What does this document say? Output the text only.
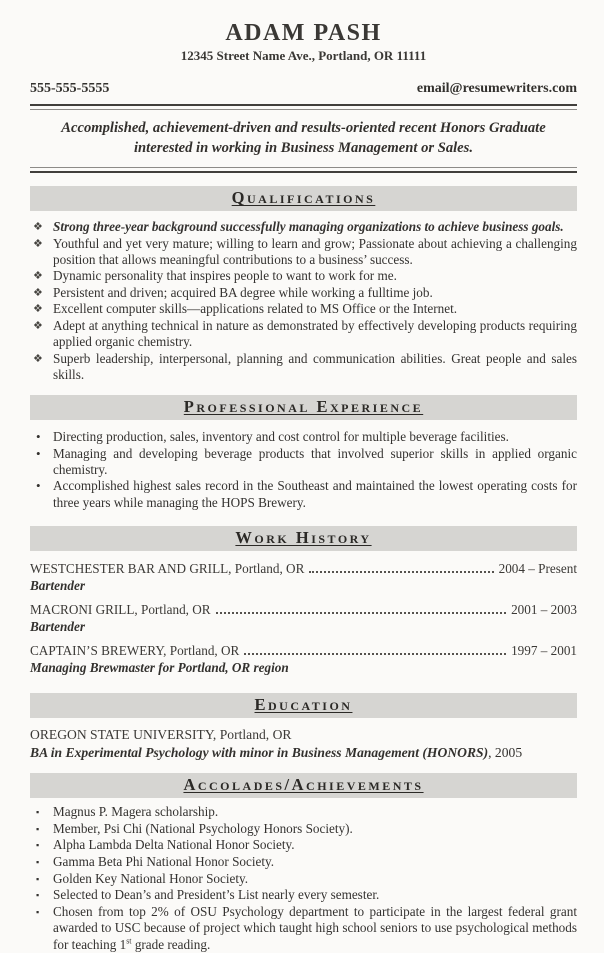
ADAM PASH
12345 Street Name Ave., Portland, OR 11111
555-555-5555	email@resumewriters.com
Accomplished, achievement-driven and results-oriented recent Honors Graduate interested in working in Business Management or Sales.
Qualifications
❖ Strong three-year background successfully managing organizations to achieve business goals.
❖ Youthful and yet very mature; willing to learn and grow; Passionate about achieving a challenging position that allows meaningful contributions to a business’ success.
❖ Dynamic personality that inspires people to want to work for me.
❖ Persistent and driven; acquired BA degree while working a fulltime job.
❖ Excellent computer skills—applications related to MS Office or the Internet.
❖ Adept at anything technical in nature as demonstrated by effectively developing products requiring applied organic chemistry.
❖ Superb leadership, interpersonal, planning and communication abilities. Great people and sales skills.
Professional Experience
• Directing production, sales, inventory and cost control for multiple beverage facilities.
• Managing and developing beverage products that involved superior skills in applied organic chemistry.
• Accomplished highest sales record in the Southeast and maintained the lowest operating costs for three years while managing the HOPS Brewery.
Work History
WESTCHESTER BAR AND GRILL, Portland, OR	2004 – Present
Bartender
MACRONI GRILL, Portland, OR	2001 – 2003
Bartender
CAPTAIN’S BREWERY, Portland, OR	1997 – 2001
Managing Brewmaster for Portland, OR region
Education
OREGON STATE UNIVERSITY, Portland, OR
BA in Experimental Psychology with minor in Business Management (HONORS), 2005
Accolades/Achievements
▪	Magnus P. Magera scholarship.
▪	Member, Psi Chi (National Psychology Honors Society).
▪	Alpha Lambda Delta National Honor Society.
▪	Gamma Beta Phi National Honor Society.
▪	Golden Key National Honor Society.
▪	Selected to Dean’s and President’s List nearly every semester.
▪	Chosen from top 2% of OSU Psychology department to participate in the largest federal grant awarded to USC because of project which taught high school seniors to use psychological methods for teaching 1st grade reading.
